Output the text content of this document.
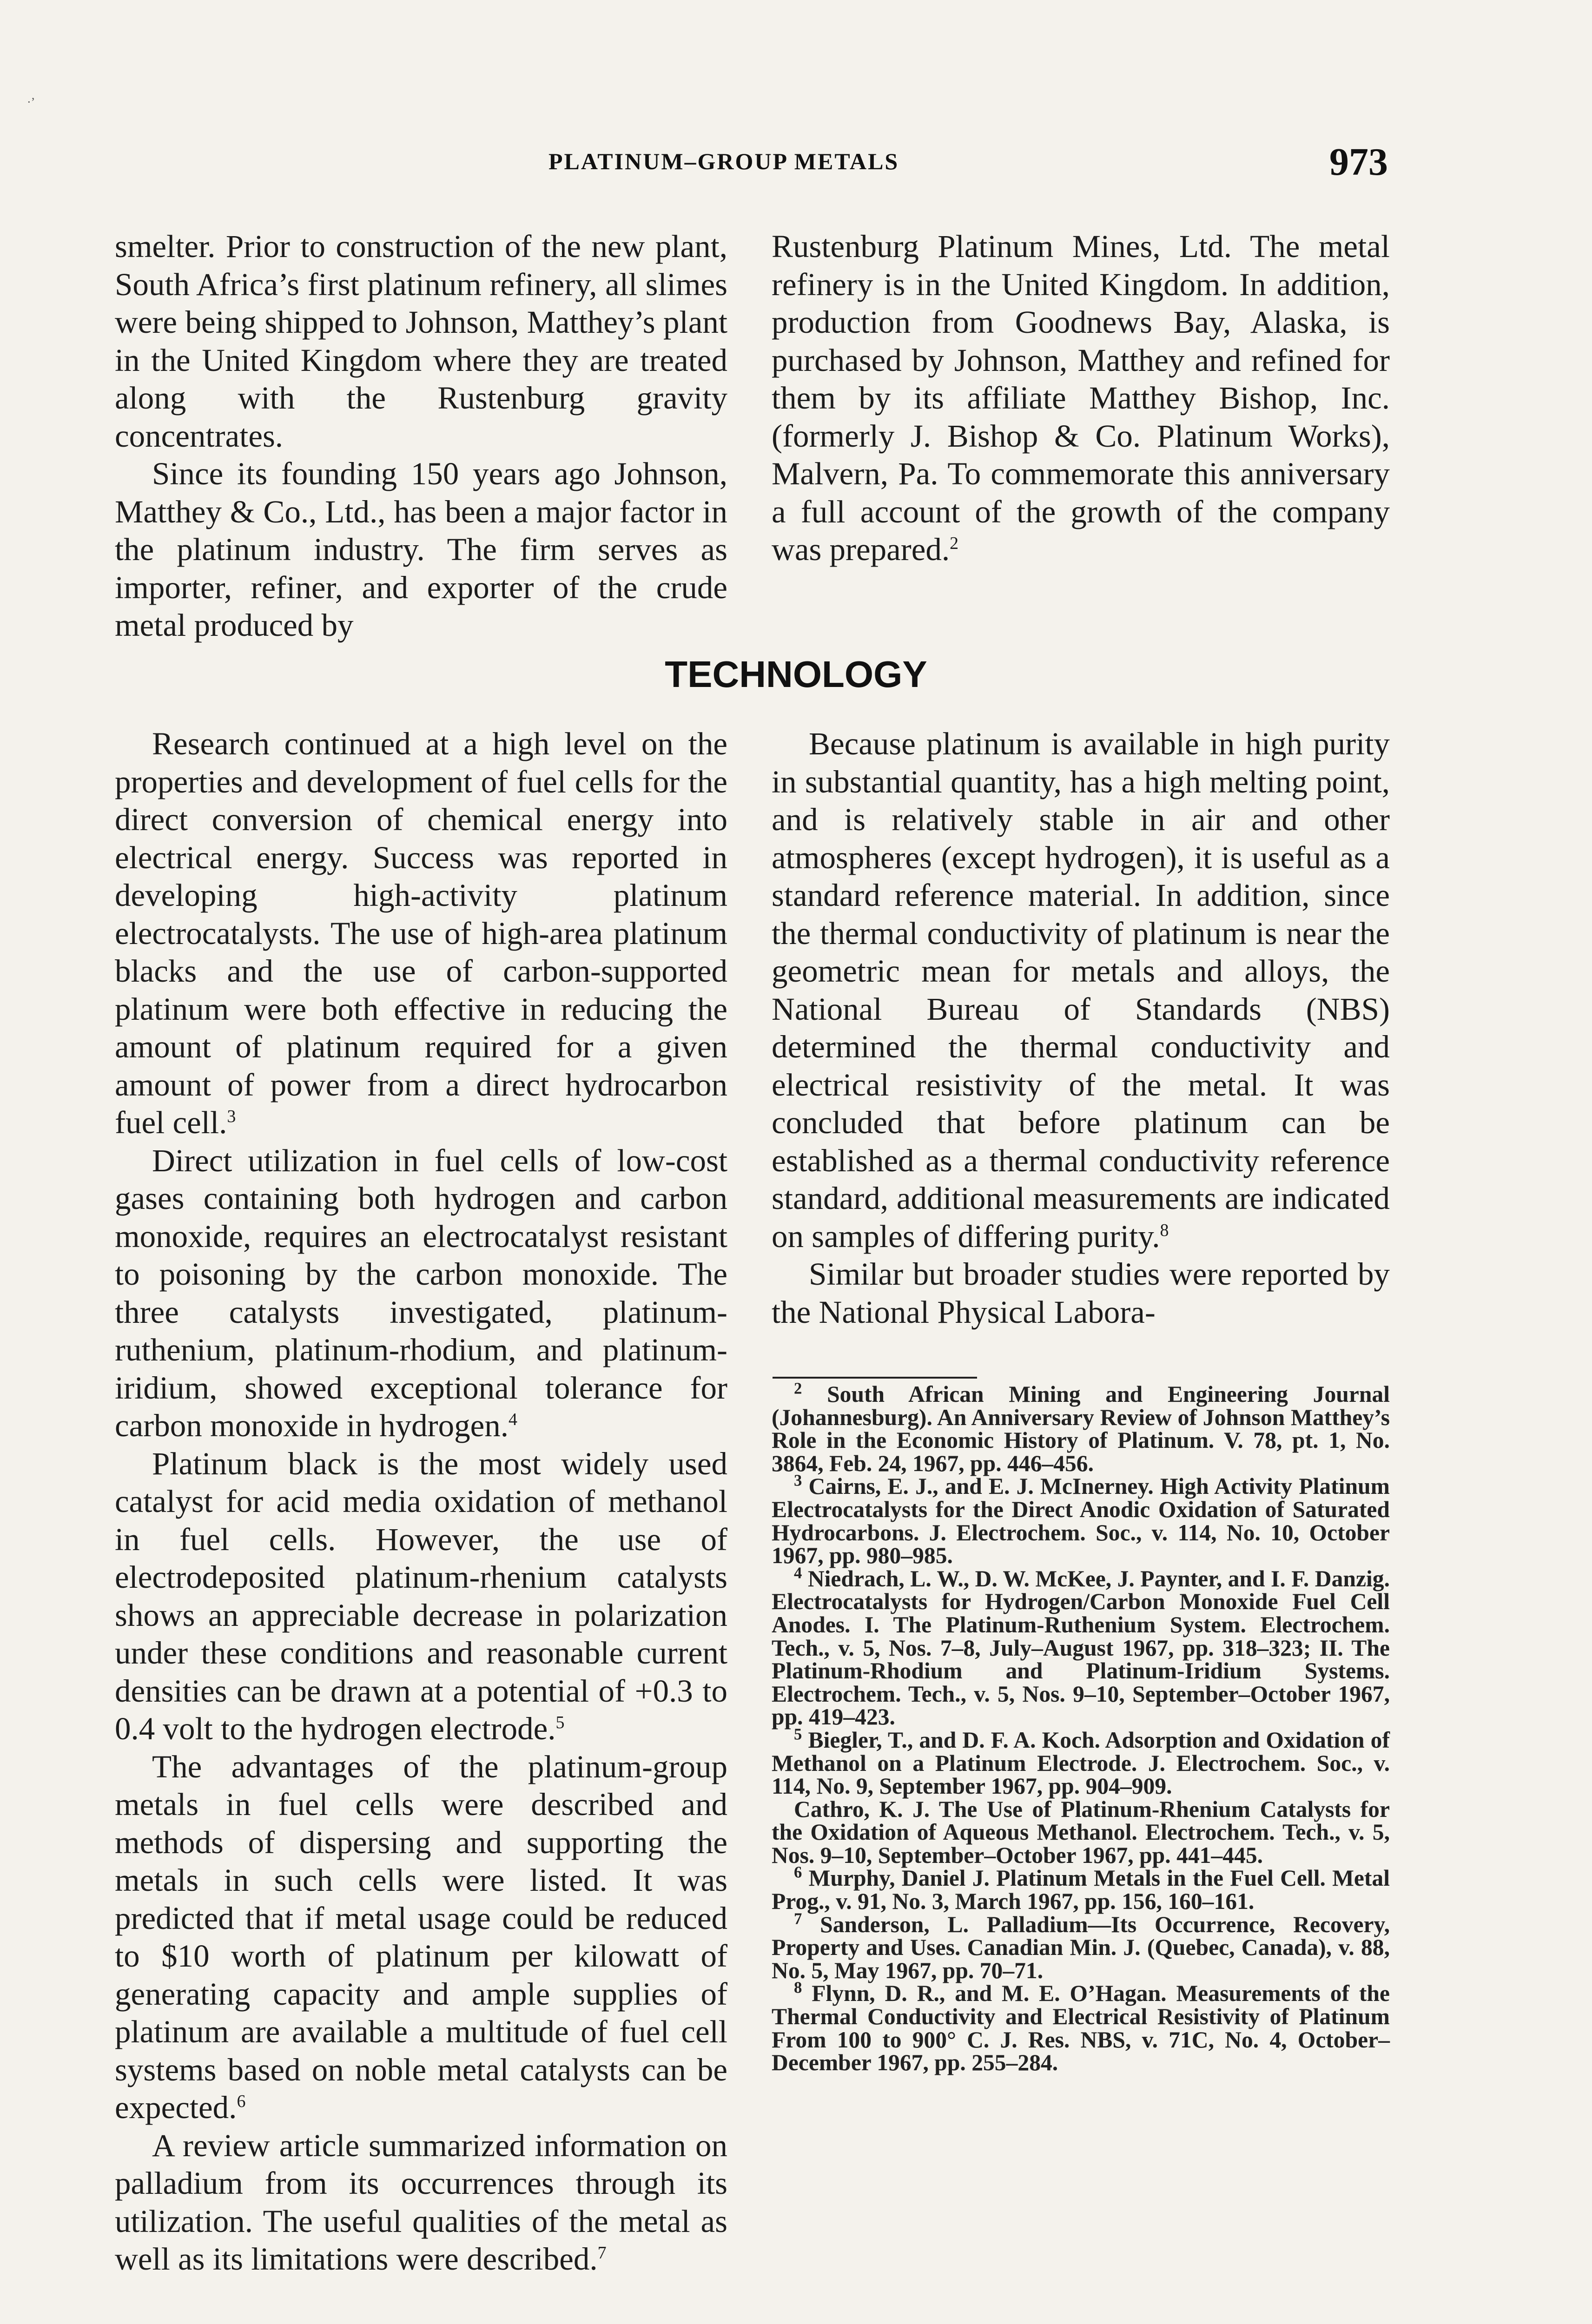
·’
PLATINUM–GROUP METALS	973

smelter. Prior to construction of the new plant, South Africa’s first platinum refinery, all slimes were being shipped to Johnson, Matthey’s plant in the United Kingdom where they are treated along with the Rustenburg gravity concentrates.

Since its founding 150 years ago Johnson, Matthey & Co., Ltd., has been a major factor in the platinum industry. The firm serves as importer, refiner, and exporter of the crude metal produced by

Rustenburg Platinum Mines, Ltd. The metal refinery is in the United Kingdom. In addition, production from Goodnews Bay, Alaska, is purchased by Johnson, Matthey and refined for them by its affiliate Matthey Bishop, Inc. (formerly J. Bishop & Co. Platinum Works), Malvern, Pa. To commemorate this anniversary a full account of the growth of the company was prepared.$^2$

TECHNOLOGY

Research continued at a high level on the properties and development of fuel cells for the direct conversion of chemical energy into electrical energy. Success was reported in developing high-activity platinum electrocatalysts. The use of high-area platinum blacks and the use of carbon-supported platinum were both effective in reducing the amount of platinum required for a given amount of power from a direct hydrocarbon fuel cell.$^3$

Direct utilization in fuel cells of low-cost gases containing both hydrogen and carbon monoxide, requires an electrocatalyst resistant to poisoning by the carbon monoxide. The three catalysts investigated, platinum-ruthenium, platinum-rhodium, and platinum-iridium, showed exceptional tolerance for carbon monoxide in hydrogen.$^4$

Platinum black is the most widely used catalyst for acid media oxidation of methanol in fuel cells. However, the use of electrodeposited platinum-rhenium catalysts shows an appreciable decrease in polarization under these conditions and reasonable current densities can be drawn at a potential of +0.3 to 0.4 volt to the hydrogen electrode.$^5$

The advantages of the platinum-group metals in fuel cells were described and methods of dispersing and supporting the metals in such cells were listed. It was predicted that if metal usage could be reduced to $10 worth of platinum per kilowatt of generating capacity and ample supplies of platinum are available a multitude of fuel cell systems based on noble metal catalysts can be expected.$^6$

A review article summarized information on palladium from its occurrences through its utilization. The useful qualities of the metal as well as its limitations were described.$^7$

Because platinum is available in high purity in substantial quantity, has a high melting point, and is relatively stable in air and other atmospheres (except hydrogen), it is useful as a standard reference material. In addition, since the thermal conductivity of platinum is near the geometric mean for metals and alloys, the National Bureau of Standards (NBS) determined the thermal conductivity and electrical resistivity of the metal. It was concluded that before platinum can be established as a thermal conductivity reference standard, additional measurements are indicated on samples of differing purity.$^8$

Similar but broader studies were reported by the National Physical Labora-

$^2$ South African Mining and Engineering Journal (Johannesburg). An Anniversary Review of Johnson Matthey’s Role in the Economic History of Platinum. V. 78, pt. 1, No. 3864, Feb. 24, 1967, pp. 446–456.

$^3$ Cairns, E. J., and E. J. McInerney. High Activity Platinum Electrocatalysts for the Direct Anodic Oxidation of Saturated Hydrocarbons. J. Electrochem. Soc., v. 114, No. 10, October 1967, pp. 980–985.

$^4$ Niedrach, L. W., D. W. McKee, J. Paynter, and I. F. Danzig. Electrocatalysts for Hydrogen/Carbon Monoxide Fuel Cell Anodes. I. The Platinum-Ruthenium System. Electrochem. Tech., v. 5, Nos. 7–8, July–August 1967, pp. 318–323; II. The Platinum-Rhodium and Platinum-Iridium Systems. Electrochem. Tech., v. 5, Nos. 9–10, September–October 1967, pp. 419–423.

$^5$ Biegler, T., and D. F. A. Koch. Adsorption and Oxidation of Methanol on a Platinum Electrode. J. Electrochem. Soc., v. 114, No. 9, September 1967, pp. 904–909.

Cathro, K. J. The Use of Platinum-Rhenium Catalysts for the Oxidation of Aqueous Methanol. Electrochem. Tech., v. 5, Nos. 9–10, September–October 1967, pp. 441–445.

$^6$ Murphy, Daniel J. Platinum Metals in the Fuel Cell. Metal Prog., v. 91, No. 3, March 1967, pp. 156, 160–161.

$^7$ Sanderson, L. Palladium—Its Occurrence, Recovery, Property and Uses. Canadian Min. J. (Quebec, Canada), v. 88, No. 5, May 1967, pp. 70–71.

$^8$ Flynn, D. R., and M. E. O’Hagan. Measurements of the Thermal Conductivity and Electrical Resistivity of Platinum From 100 to 900° C. J. Res. NBS, v. 71C, No. 4, October–December 1967, pp. 255–284.
